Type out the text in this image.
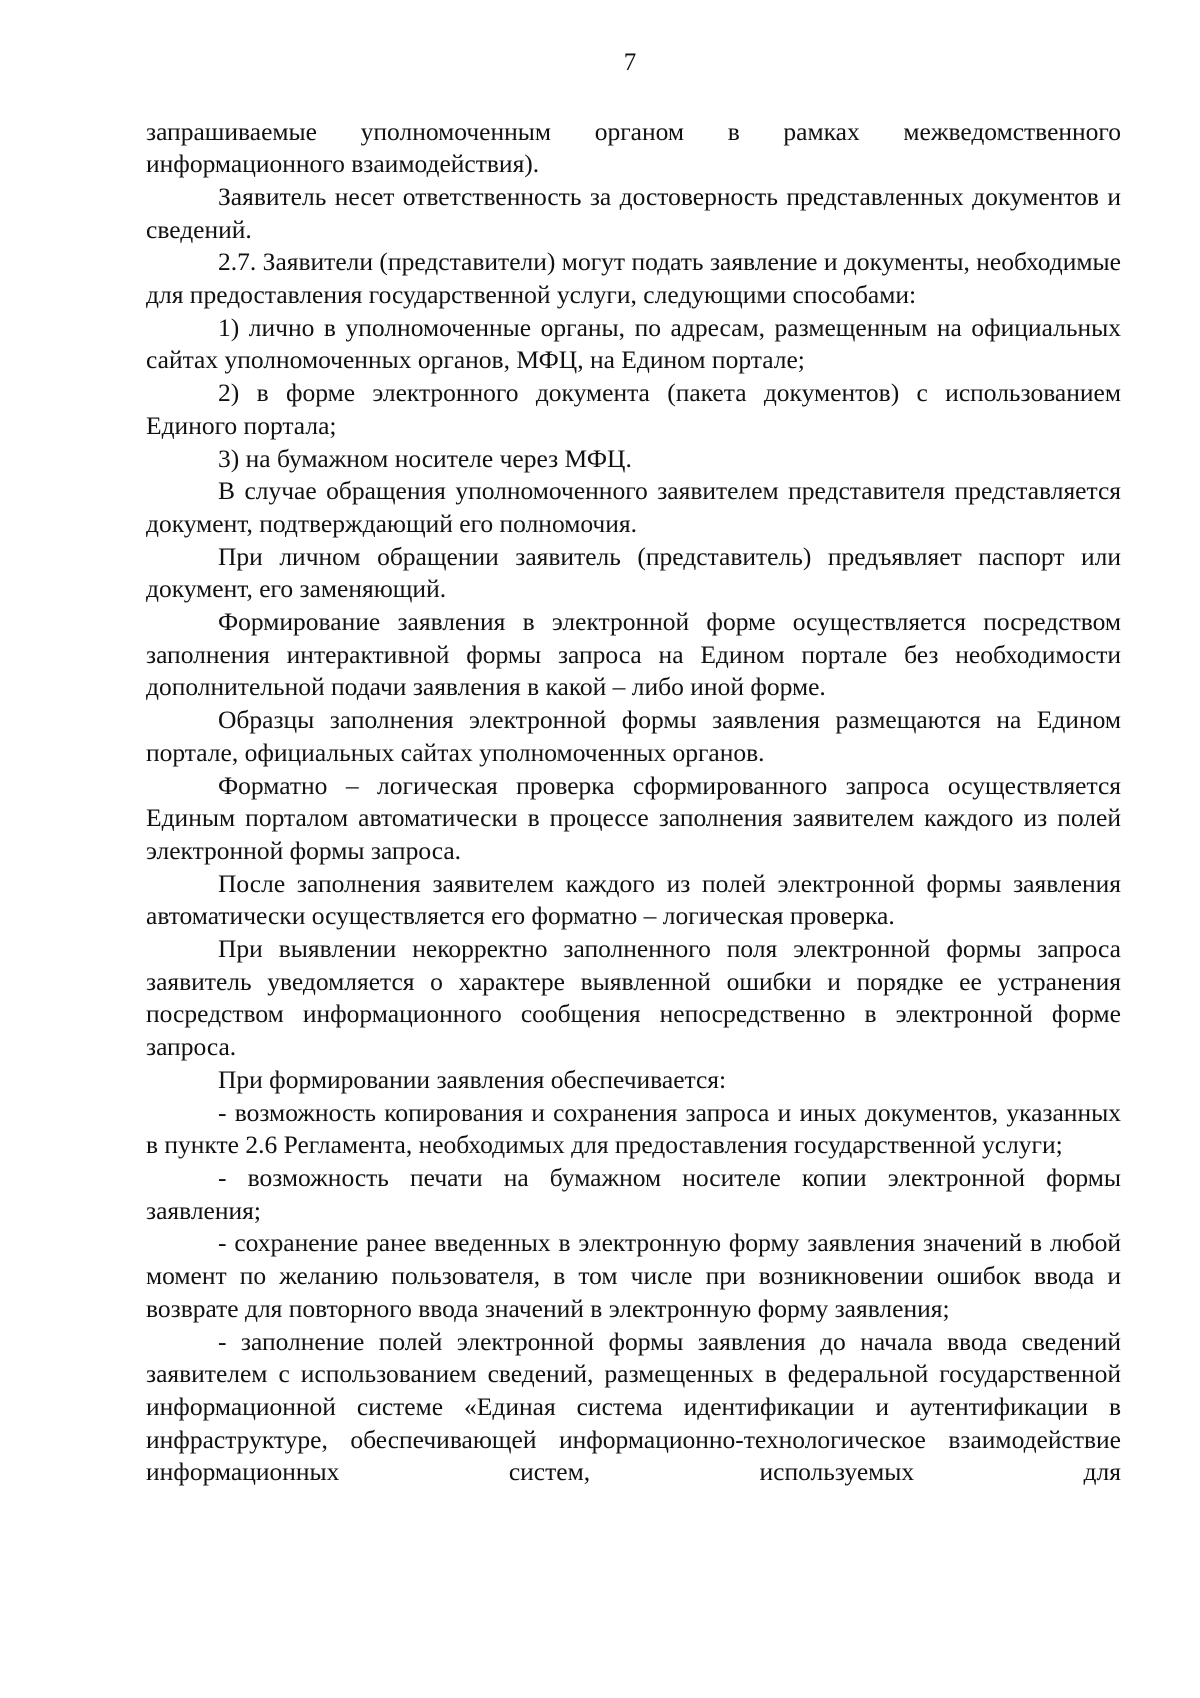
7

запрашиваемые уполномоченным органом в рамках межведомственного информационного взаимодействия).

Заявитель несет ответственность за достоверность представленных документов и сведений.

2.7. Заявители (представители) могут подать заявление и документы, необходимые для предоставления государственной услуги, следующими способами:

1) лично в уполномоченные органы, по адресам, размещенным на официальных сайтах уполномоченных органов, МФЦ, на Едином портале;

2) в форме электронного документа (пакета документов) с использованием Единого портала;

3) на бумажном носителе через МФЦ.

В случае обращения уполномоченного заявителем представителя представляется документ, подтверждающий его полномочия.

При личном обращении заявитель (представитель) предъявляет паспорт или документ, его заменяющий.

Формирование заявления в электронной форме осуществляется посредством заполнения интерактивной формы запроса на Едином портале без необходимости дополнительной подачи заявления в какой – либо иной форме.

Образцы заполнения электронной формы заявления размещаются на Едином портале, официальных сайтах уполномоченных органов.

Форматно – логическая проверка сформированного запроса осуществляется Единым порталом автоматически в процессе заполнения заявителем каждого из полей электронной формы запроса.

После заполнения заявителем каждого из полей электронной формы заявления автоматически осуществляется его форматно – логическая проверка.

При выявлении некорректно заполненного поля электронной формы запроса заявитель уведомляется о характере выявленной ошибки и порядке ее устранения посредством информационного сообщения непосредственно в электронной форме запроса.

При формировании заявления обеспечивается:

- возможность копирования и сохранения запроса и иных документов, указанных в пункте 2.6 Регламента, необходимых для предоставления государственной услуги;

- возможность печати на бумажном носителе копии электронной формы заявления;

- сохранение ранее введенных в электронную форму заявления значений в любой момент по желанию пользователя, в том числе при возникновении ошибок ввода и возврате для повторного ввода значений в электронную форму заявления;

- заполнение полей электронной формы заявления до начала ввода сведений заявителем с использованием сведений, размещенных в федеральной государственной информационной системе «Единая система идентификации и аутентификации в инфраструктуре, обеспечивающей информационно-технологическое взаимодействие информационных систем, используемых для
